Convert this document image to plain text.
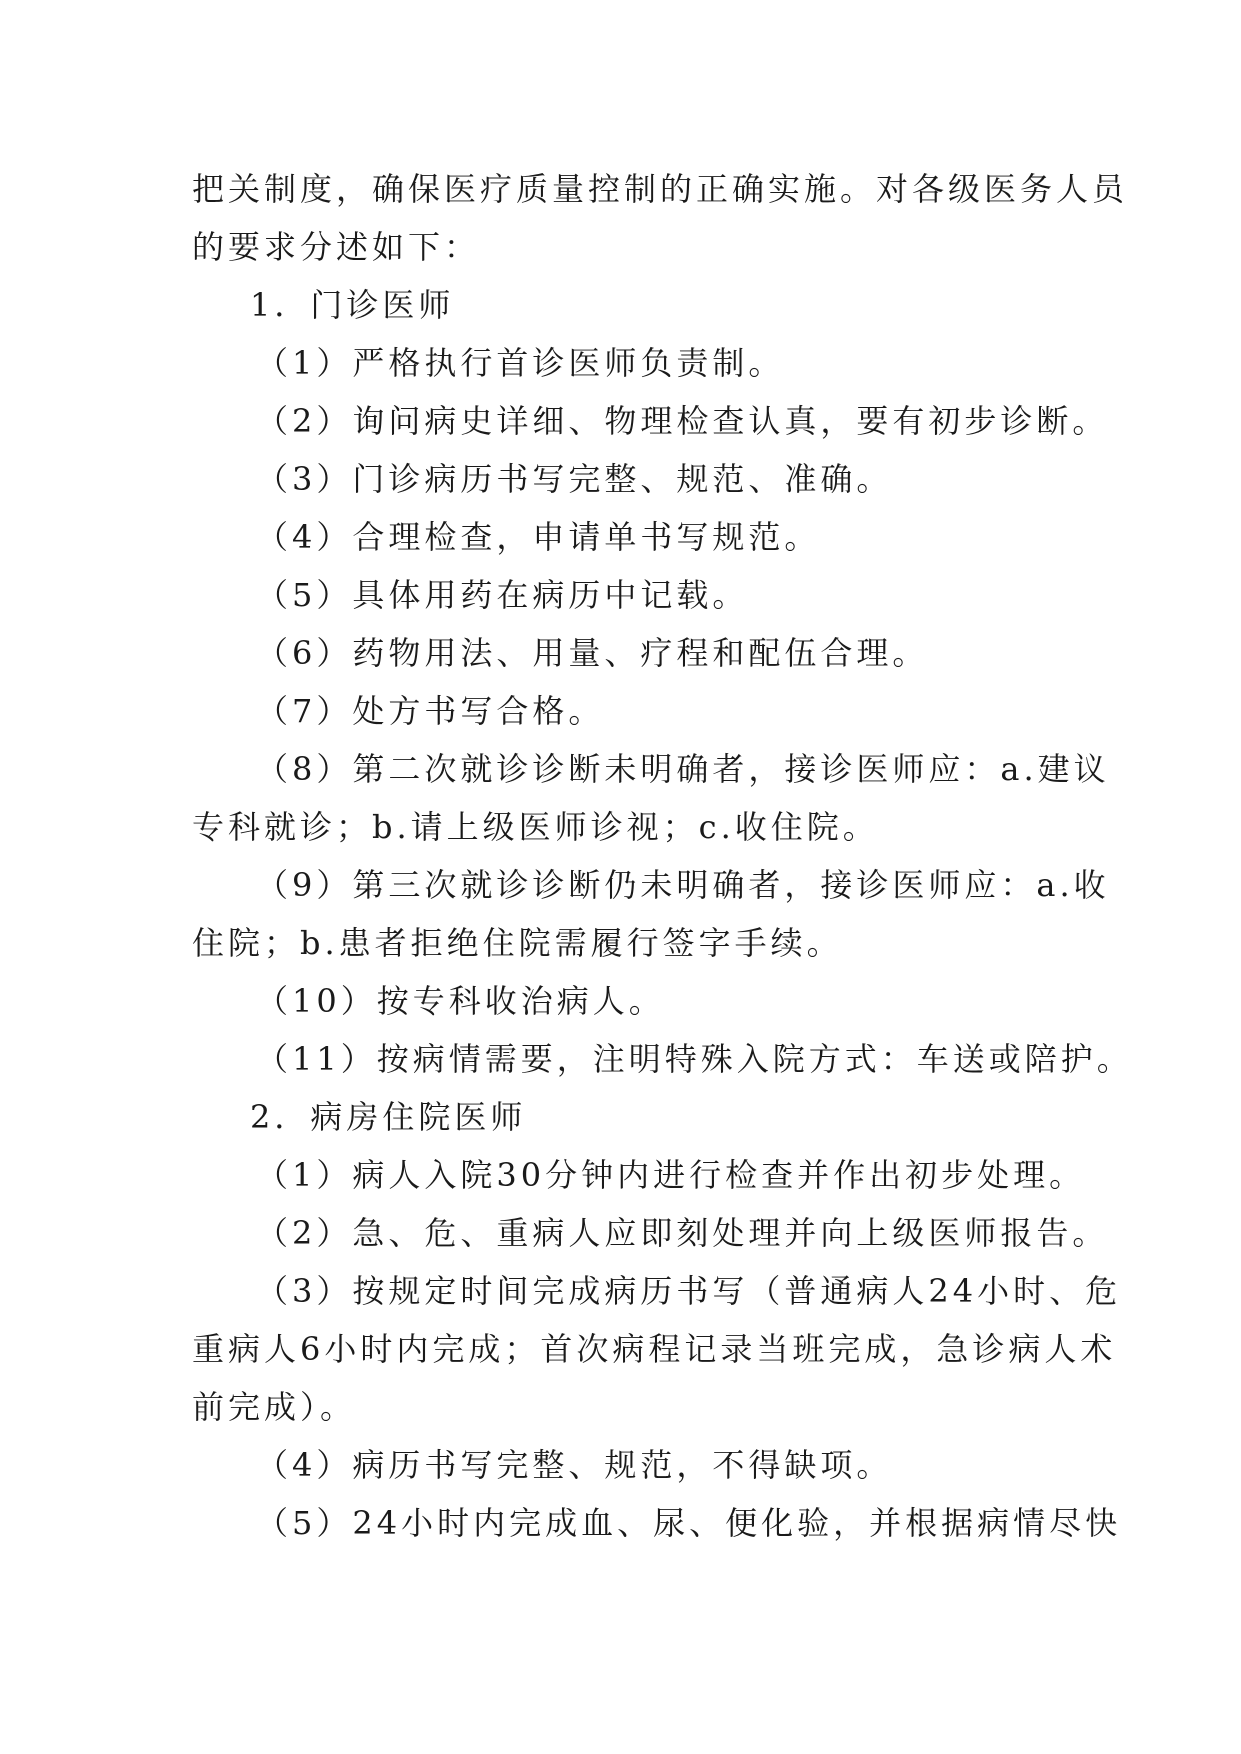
把关制度，确保医疗质量控制的正确实施。对各级医务人员
的要求分述如下：
1．门诊医师
（1）严格执行首诊医师负责制。
（2）询问病史详细、物理检查认真，要有初步诊断。
（3）门诊病历书写完整、规范、准确。
（4）合理检查，申请单书写规范。
（5）具体用药在病历中记载。
（6）药物用法、用量、疗程和配伍合理。
（7）处方书写合格。
（8）第二次就诊诊断未明确者，接诊医师应：a.建议
专科就诊；b.请上级医师诊视；c.收住院。
（9）第三次就诊诊断仍未明确者，接诊医师应：a.收
住院；b.患者拒绝住院需履行签字手续。
（10）按专科收治病人。
（11）按病情需要，注明特殊入院方式：车送或陪护。
2．病房住院医师
（1）病人入院30分钟内进行检查并作出初步处理。
（2）急、危、重病人应即刻处理并向上级医师报告。
（3）按规定时间完成病历书写（普通病人24小时、危
重病人6小时内完成；首次病程记录当班完成，急诊病人术
前完成）。
（4）病历书写完整、规范，不得缺项。
（5）24小时内完成血、尿、便化验，并根据病情尽快
